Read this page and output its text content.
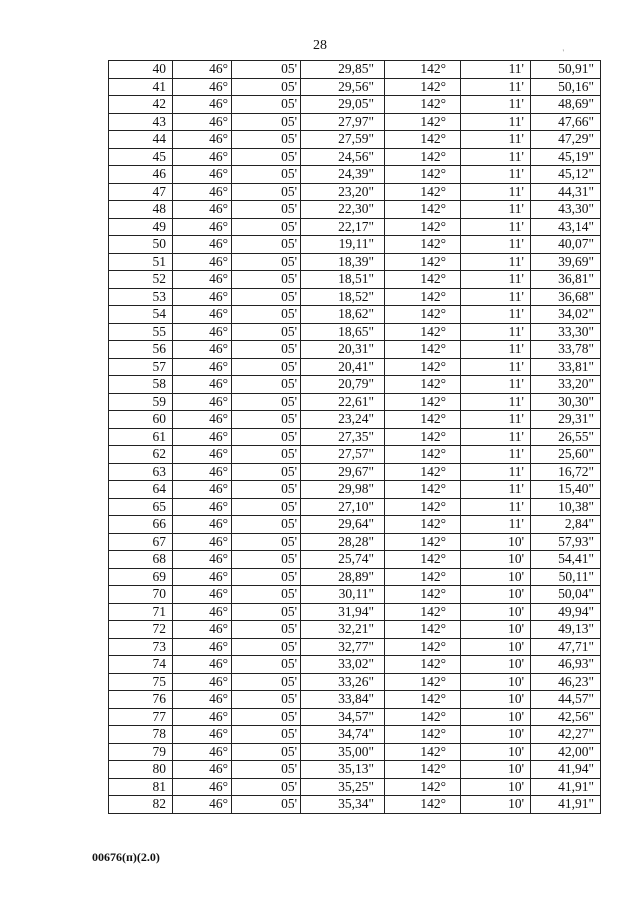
28	'
40	46°	05'	29,85"	142°	11'	50,91"
41	46°	05'	29,56"	142°	11'	50,16"
42	46°	05'	29,05"	142°	11'	48,69"
43	46°	05'	27,97"	142°	11'	47,66"
44	46°	05'	27,59"	142°	11'	47,29"
45	46°	05'	24,56"	142°	11'	45,19"
46	46°	05'	24,39"	142°	11'	45,12"
47	46°	05'	23,20"	142°	11'	44,31"
48	46°	05'	22,30"	142°	11'	43,30"
49	46°	05'	22,17"	142°	11'	43,14"
50	46°	05'	19,11"	142°	11'	40,07"
51	46°	05'	18,39"	142°	11'	39,69"
52	46°	05'	18,51"	142°	11'	36,81"
53	46°	05'	18,52"	142°	11'	36,68"
54	46°	05'	18,62"	142°	11'	34,02"
55	46°	05'	18,65"	142°	11'	33,30"
56	46°	05'	20,31"	142°	11'	33,78"
57	46°	05'	20,41"	142°	11'	33,81"
58	46°	05'	20,79"	142°	11'	33,20"
59	46°	05'	22,61"	142°	11'	30,30"
60	46°	05'	23,24"	142°	11'	29,31"
61	46°	05'	27,35"	142°	11'	26,55"
62	46°	05'	27,57"	142°	11'	25,60"
63	46°	05'	29,67"	142°	11'	16,72"
64	46°	05'	29,98"	142°	11'	15,40"
65	46°	05'	27,10"	142°	11'	10,38"
66	46°	05'	29,64"	142°	11'	2,84"
67	46°	05'	28,28"	142°	10'	57,93"
68	46°	05'	25,74"	142°	10'	54,41"
69	46°	05'	28,89"	142°	10'	50,11"
70	46°	05'	30,11"	142°	10'	50,04"
71	46°	05'	31,94"	142°	10'	49,94"
72	46°	05'	32,21"	142°	10'	49,13"
73	46°	05'	32,77"	142°	10'	47,71"
74	46°	05'	33,02"	142°	10'	46,93"
75	46°	05'	33,26"	142°	10'	46,23"
76	46°	05'	33,84"	142°	10'	44,57"
77	46°	05'	34,57"	142°	10'	42,56"
78	46°	05'	34,74"	142°	10'	42,27"
79	46°	05'	35,00"	142°	10'	42,00"
80	46°	05'	35,13"	142°	10'	41,94"
81	46°	05'	35,25"	142°	10'	41,91"
82	46°	05'	35,34"	142°	10'	41,91"
00676(п)(2.0)
